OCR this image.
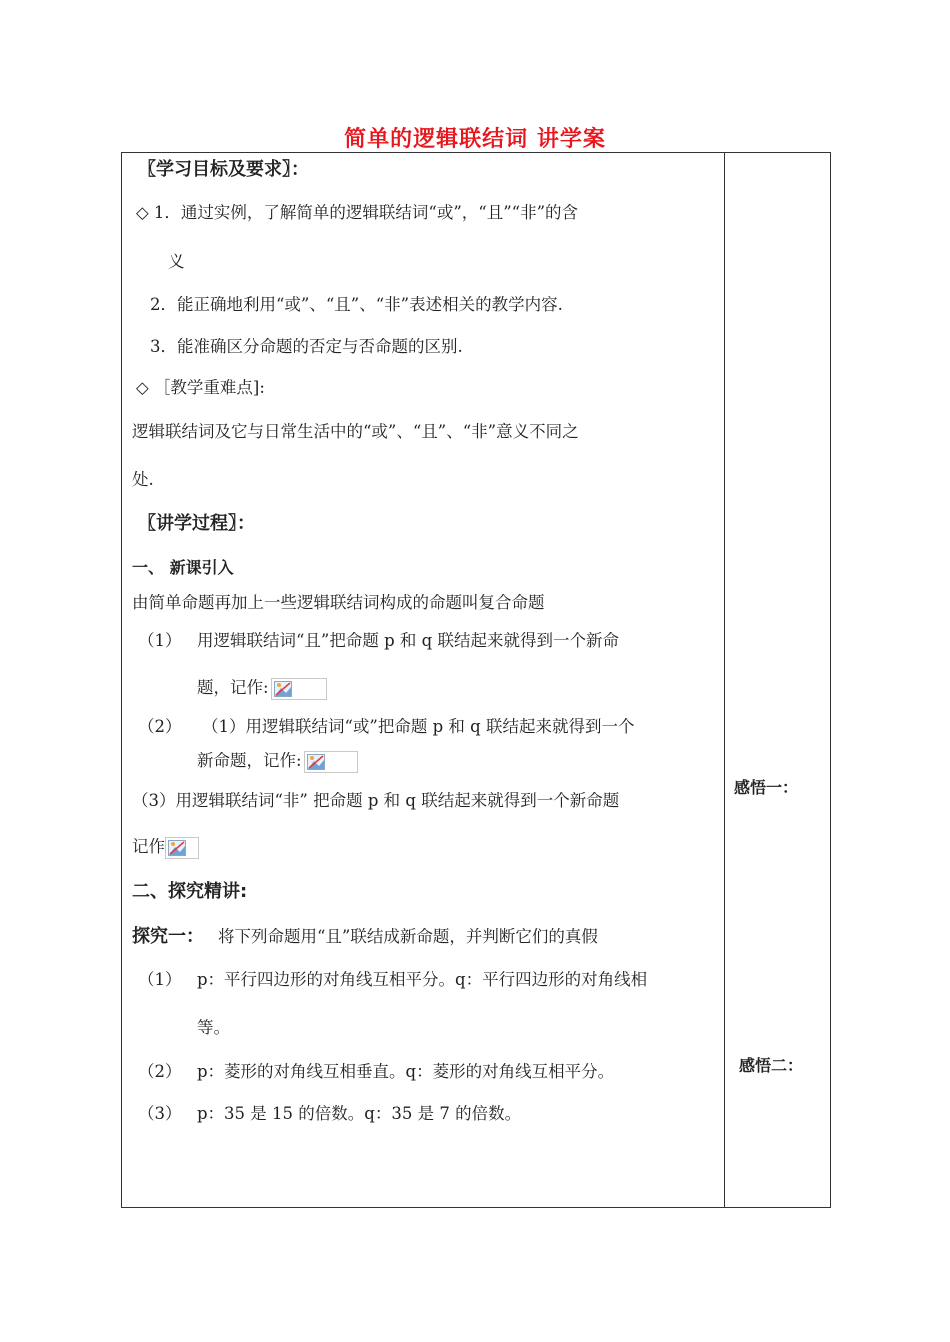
简单的逻辑联结词 讲学案
〖学习目标及要求〗：
◇ 1．通过实例，了解简单的逻辑联结词“或”，“且”“非”的含
义
2．能正确地利用“或”、“且”、“非”表述相关的教学内容.
3．能准确区分命题的否定与否命题的区别.
◇ ［教学重难点]:
逻辑联结词及它与日常生活中的“或”、“且”、“非”意义不同之
处.
〖讲学过程〗：
一、 新课引入
由简单命题再加上一些逻辑联结词构成的命题叫复合命题
（1） 用逻辑联结词“且”把命题 p 和 q 联结起来就得到一个新命
题，记作:
（2） （1）用逻辑联结词“或”把命题 p 和 q 联结起来就得到一个
新命题，记作:
（3）用逻辑联结词“非” 把命题 p 和 q 联结起来就得到一个新命题
记作
二、探究精讲:
探究一： 将下列命题用“且”联结成新命题，并判断它们的真假
（1） p：平行四边形的对角线互相平分。q：平行四边形的对角线相
等。
（2） p：菱形的对角线互相垂直。q：菱形的对角线互相平分。
（3） p：35 是 15 的倍数。q：35 是 7 的倍数。
感悟一：
感悟二：
